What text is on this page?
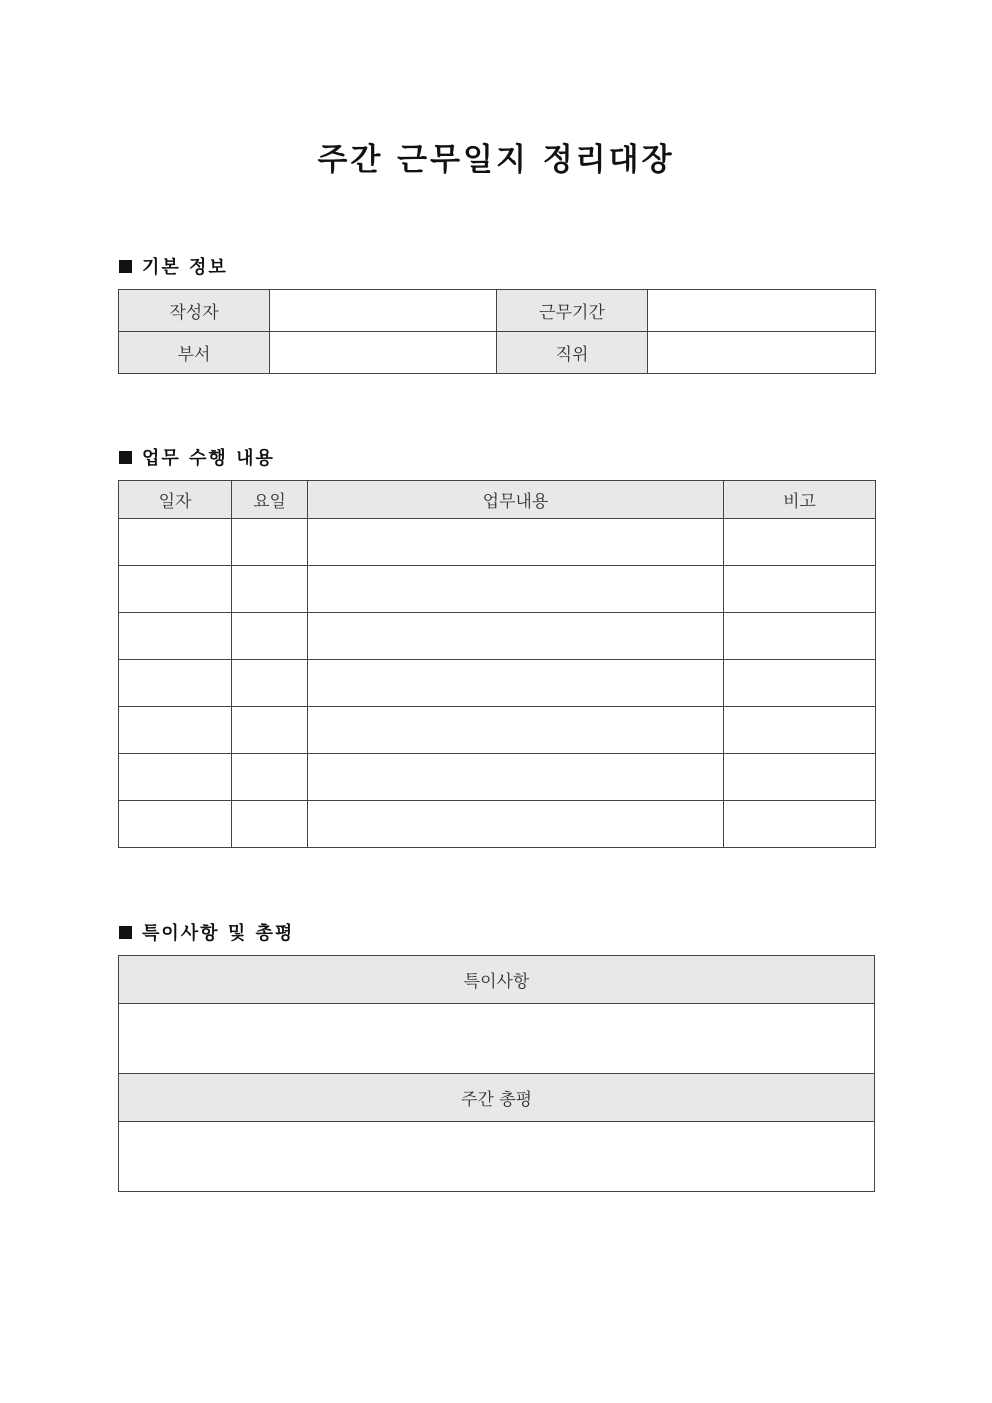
주간 근무일지 정리대장
기본 정보
작성자		근무기간	
부서		직위	
업무 수행 내용
일자	요일	업무내용	비고

특이사항 및 총평
특이사항

주간 총평
